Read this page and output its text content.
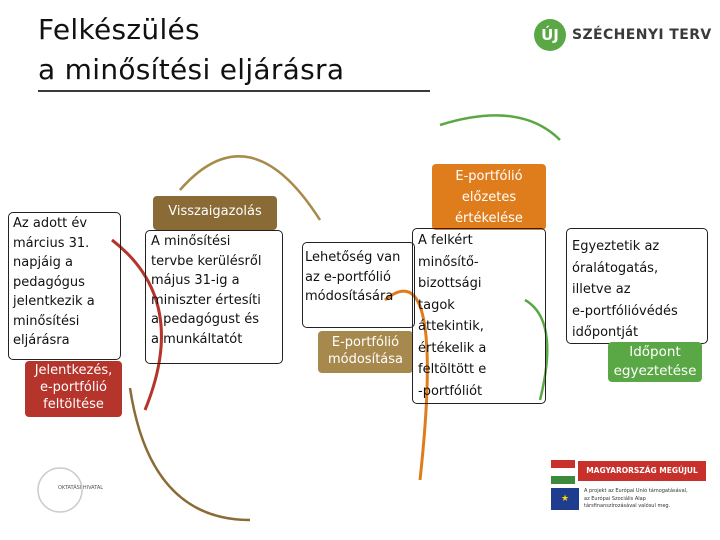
Felkészülés
a minősítési eljárásra
ÚJ SZÉCHENYI TERV
Az adott év
március 31.
napjáig a
pedagógus
jelentkezik a
minősítési
eljárásra
Jelentkezés,
e-portfólió
feltöltése
Visszaigazolás
A minősítési
tervbe kerülésről
május 31-ig a
miniszter értesíti
a pedagógust és
a munkáltatót
Lehetőség van
az e-portfólió
módosítására
E-portfólió
módosítása
E-portfólió
előzetes
értékelése
A felkért
minősítő-
bizottsági
tagok
áttekintik,
értékelik a
feltöltött e
-portfóliót
Egyeztetik az
óralátogatás,
illetve az
e-portfólióvédés
időpontját
Időpont
egyeztetése
OKTATÁSI HIVATAL
MAGYARORSZÁG MEGÚJUL
★
A projekt az Európai Unió támogatásával,
az Európai Szociális Alap
társfinanszírozásával valósul meg.
